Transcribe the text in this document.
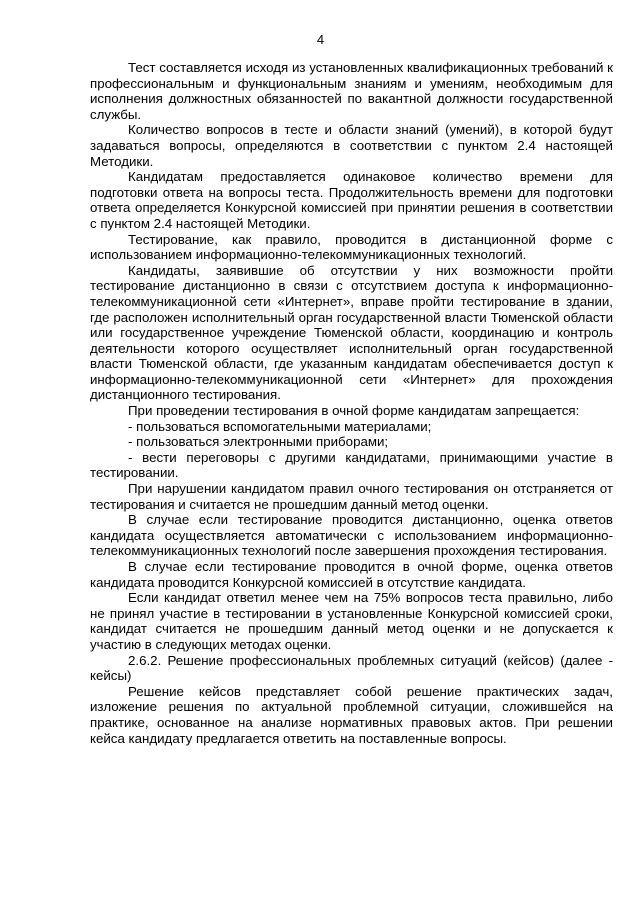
4

Тест составляется исходя из установленных квалификационных требований к профессиональным и функциональным знаниям и умениям, необходимым для исполнения должностных обязанностей по вакантной должности государственной службы.

Количество вопросов в тесте и области знаний (умений), в которой будут задаваться вопросы, определяются в соответствии с пунктом 2.4 настоящей Методики.

Кандидатам предоставляется одинаковое количество времени для подготовки ответа на вопросы теста. Продолжительность времени для подготовки ответа определяется Конкурсной комиссией при принятии решения в соответствии с пунктом 2.4 настоящей Методики.

Тестирование, как правило, проводится в дистанционной форме с использованием информационно-телекоммуникационных технологий.

Кандидаты, заявившие об отсутствии у них возможности пройти тестирование дистанционно в связи с отсутствием доступа к информационно-телекоммуникационной сети «Интернет», вправе пройти тестирование в здании, где расположен исполнительный орган государственной власти Тюменской области или государственное учреждение Тюменской области, координацию и контроль деятельности которого осуществляет исполнительный орган государственной власти Тюменской области, где указанным кандидатам обеспечивается доступ к информационно-телекоммуникационной сети «Интернет» для прохождения дистанционного тестирования.

При проведении тестирования в очной форме кандидатам запрещается:

- пользоваться вспомогательными материалами;

- пользоваться электронными приборами;

- вести переговоры с другими кандидатами, принимающими участие в тестировании.

При нарушении кандидатом правил очного тестирования он отстраняется от тестирования и считается не прошедшим данный метод оценки.

В случае если тестирование проводится дистанционно, оценка ответов кандидата осуществляется автоматически с использованием информационно-телекоммуникационных технологий после завершения прохождения тестирования.

В случае если тестирование проводится в очной форме, оценка ответов кандидата проводится Конкурсной комиссией в отсутствие кандидата.

Если кандидат ответил менее чем на 75% вопросов теста правильно, либо не принял участие в тестировании в установленные Конкурсной комиссией сроки, кандидат считается не прошедшим данный метод оценки и не допускается к участию в следующих методах оценки.

2.6.2. Решение профессиональных проблемных ситуаций (кейсов) (далее - кейсы)

Решение кейсов представляет собой решение практических задач, изложение решения по актуальной проблемной ситуации, сложившейся на практике, основанное на анализе нормативных правовых актов. При решении кейса кандидату предлагается ответить на поставленные вопросы.
